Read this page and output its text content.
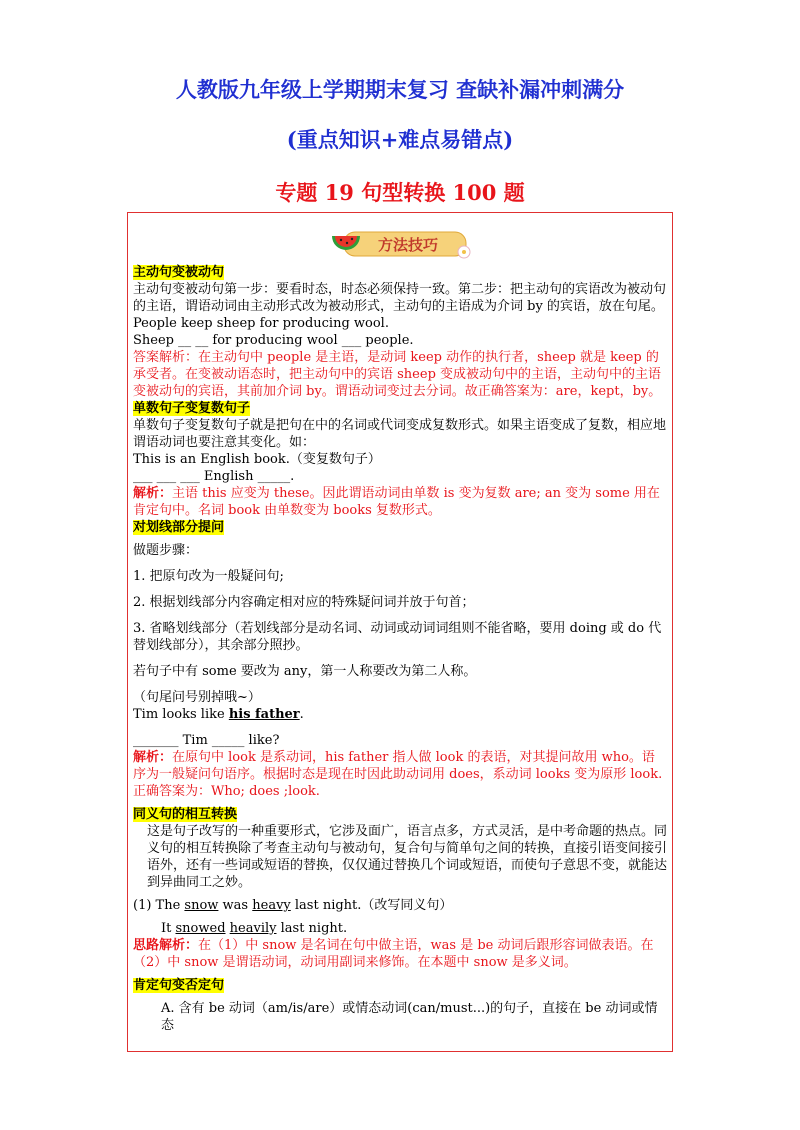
人教版九年级上学期期末复习 查缺补漏冲刺满分
(重点知识+难点易错点)
专题 19 句型转换 100 题
方法技巧

主动句变被动句

主动句变被动句第一步：要看时态，时态必须保持一致。第二步：把主动句的宾语改为被动句的主语，谓语动词由主动形式改为被动形式，主动句的主语成为介词 by 的宾语，放在句尾。

People keep sheep for producing wool.

Sheep __ __ for producing wool ___ people.

答案解析：在主动句中 people 是主语，是动词 keep 动作的执行者，sheep 就是 keep 的承受者。在变被动语态时，把主动句中的宾语 sheep 变成被动句中的主语，主动句中的主语变被动句的宾语，其前加介词 by。谓语动词变过去分词。故正确答案为：are，kept，by。

单数句子变复数句子

单数句子变复数句子就是把句在中的名词或代词变成复数形式。如果主语变成了复数，相应地谓语动词也要注意其变化。如：

This is an English book.（变复数句子）

___ ___ ___ English _____.

解析：主语 this 应变为 these。因此谓语动词由单数 is 变为复数 are; an 变为 some 用在肯定句中。名词 book 由单数变为 books 复数形式。

对划线部分提问

做题步骤：

1. 把原句改为一般疑问句;

2. 根据划线部分内容确定相对应的特殊疑问词并放于句首；

3. 省略划线部分（若划线部分是动名词、动词或动词词组则不能省略，要用 doing 或 do 代替划线部分），其余部分照抄。

若句子中有 some 要改为 any，第一人称要改为第二人称。

（句尾问号别掉哦~）

Tim looks like his father.

_______ Tim _____ like?

解析：在原句中 look 是系动词，his father 指人做 look 的表语，对其提问故用 who。语序为一般疑问句语序。根据时态是现在时因此助动词用 does，系动词 looks 变为原形 look.正确答案为：Who; does ;look.

同义句的相互转换

这是句子改写的一种重要形式，它涉及面广，语言点多，方式灵活，是中考命题的热点。同义句的相互转换除了考查主动句与被动句，复合句与简单句之间的转换，直接引语变间接引语外，还有一些词或短语的替换，仅仅通过替换几个词或短语，而使句子意思不变，就能达到异曲同工之妙。

(1) The snow was heavy last night.（改写同义句）

It snowed heavily last night.

思路解析：在（1）中 snow 是名词在句中做主语，was 是 be 动词后跟形容词做表语。在（2）中 snow 是谓语动词，动词用副词来修饰。在本题中 snow 是多义词。

肯定句变否定句

A. 含有 be 动词（am/is/are）或情态动词(can/must...)的句子，直接在 be 动词或情态
